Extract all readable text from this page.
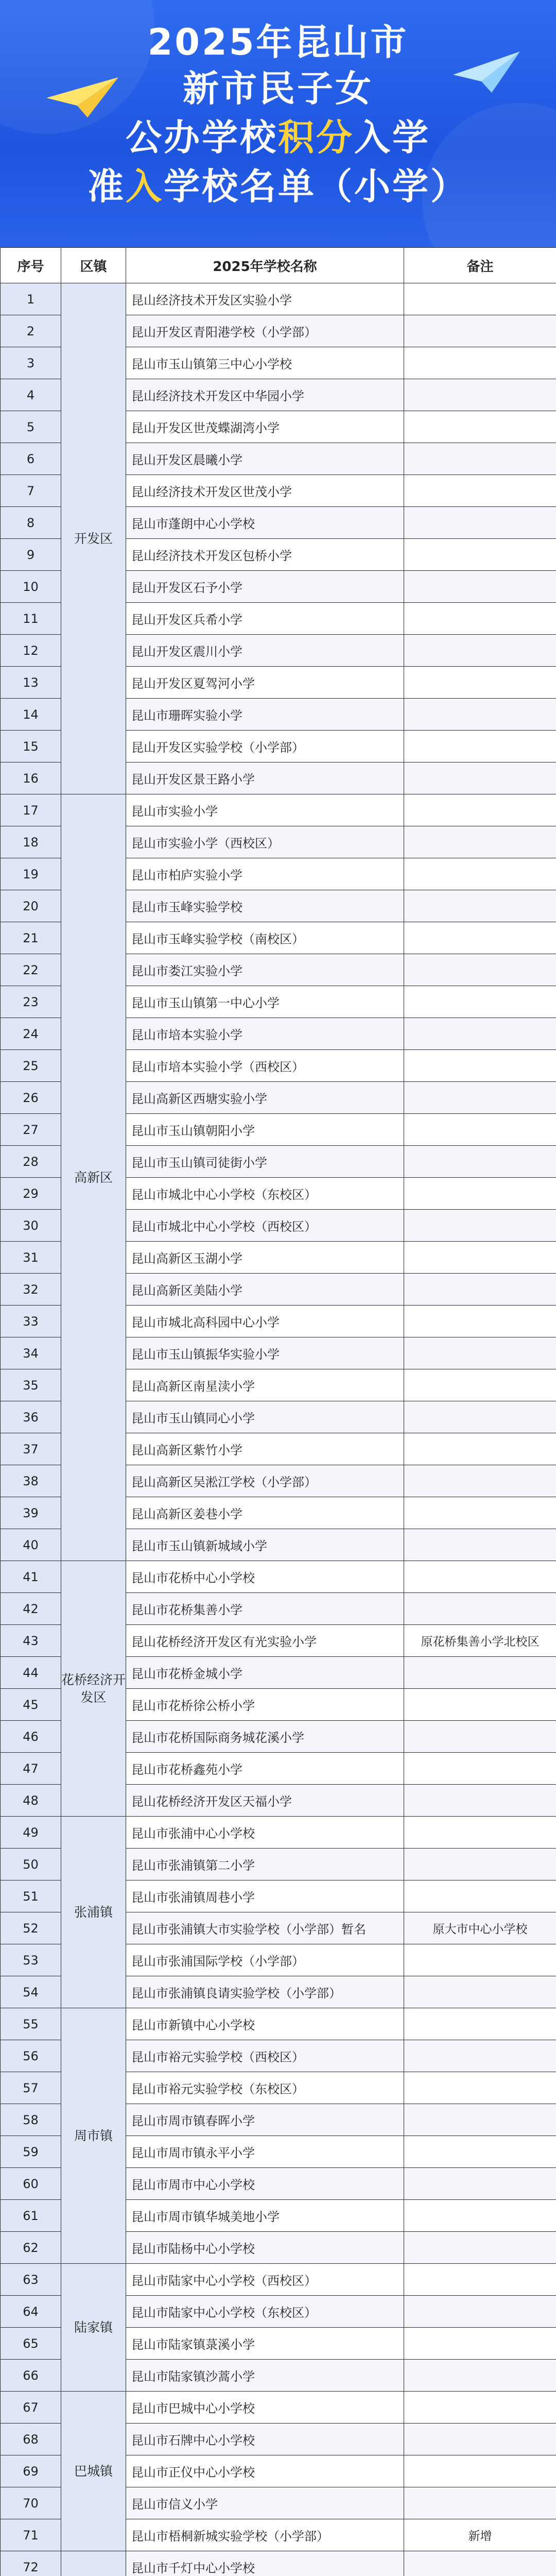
2025年昆山市
新市民子女
公办学校积分入学
准入学校名单（小学）
序号	区镇	2025年学校名称	备注
1	开发区	昆山经济技术开发区实验小学	
2		昆山开发区青阳港学校（小学部）	
3		昆山市玉山镇第三中心小学校	
4		昆山经济技术开发区中华园小学	
5		昆山开发区世茂蝶湖湾小学	
6		昆山开发区晨曦小学	
7		昆山经济技术开发区世茂小学	
8		昆山市蓬朗中心小学校	
9		昆山经济技术开发区包桥小学	
10		昆山开发区石予小学	
11		昆山开发区兵希小学	
12		昆山开发区震川小学	
13		昆山开发区夏驾河小学	
14		昆山市珊晖实验小学	
15		昆山开发区实验学校（小学部）	
16		昆山开发区景王路小学	
17	高新区	昆山市实验小学	
18		昆山市实验小学（西校区）	
19		昆山市柏庐实验小学	
20		昆山市玉峰实验学校	
21		昆山市玉峰实验学校（南校区）	
22		昆山市娄江实验小学	
23		昆山市玉山镇第一中心小学	
24		昆山市培本实验小学	
25		昆山市培本实验小学（西校区）	
26		昆山高新区西塘实验小学	
27		昆山市玉山镇朝阳小学	
28		昆山市玉山镇司徒街小学	
29		昆山市城北中心小学校（东校区）	
30		昆山市城北中心小学校（西校区）	
31		昆山高新区玉湖小学	
32		昆山高新区美陆小学	
33		昆山市城北高科园中心小学	
34		昆山市玉山镇振华实验小学	
35		昆山高新区南星渎小学	
36		昆山市玉山镇同心小学	
37		昆山高新区紫竹小学	
38		昆山高新区吴淞江学校（小学部）	
39		昆山高新区姜巷小学	
40		昆山市玉山镇新城域小学	
41	花桥经济开发区	昆山市花桥中心小学校	
42		昆山市花桥集善小学	
43		昆山花桥经济开发区有光实验小学	原花桥集善小学北校区
44		昆山市花桥金城小学	
45		昆山市花桥徐公桥小学	
46		昆山市花桥国际商务城花溪小学	
47		昆山市花桥鑫苑小学	
48		昆山花桥经济开发区天福小学	
49	张浦镇	昆山市张浦中心小学校	
50		昆山市张浦镇第二小学	
51		昆山市张浦镇周巷小学	
52		昆山市张浦镇大市实验学校（小学部）暂名	原大市中心小学校
53		昆山市张浦国际学校（小学部）	
54		昆山市张浦镇良请实验学校（小学部）	
55	周市镇	昆山市新镇中心小学校	
56		昆山市裕元实验学校（西校区）	
57		昆山市裕元实验学校（东校区）	
58		昆山市周市镇春晖小学	
59		昆山市周市镇永平小学	
60		昆山市周市中心小学校	
61		昆山市周市镇华城美地小学	
62		昆山市陆杨中心小学校	
63	陆家镇	昆山市陆家中心小学校（西校区）	
64		昆山市陆家中心小学校（东校区）	
65		昆山市陆家镇菉溪小学	
66		昆山市陆家镇沙蒿小学	
67	巴城镇	昆山市巴城中心小学校	
68		昆山市石牌中心小学校	
69		昆山市正仪中心小学校	
70		昆山市信义小学	
71		昆山市梧桐新城实验学校（小学部）	新增
72		昆山市千灯中心小学校	
